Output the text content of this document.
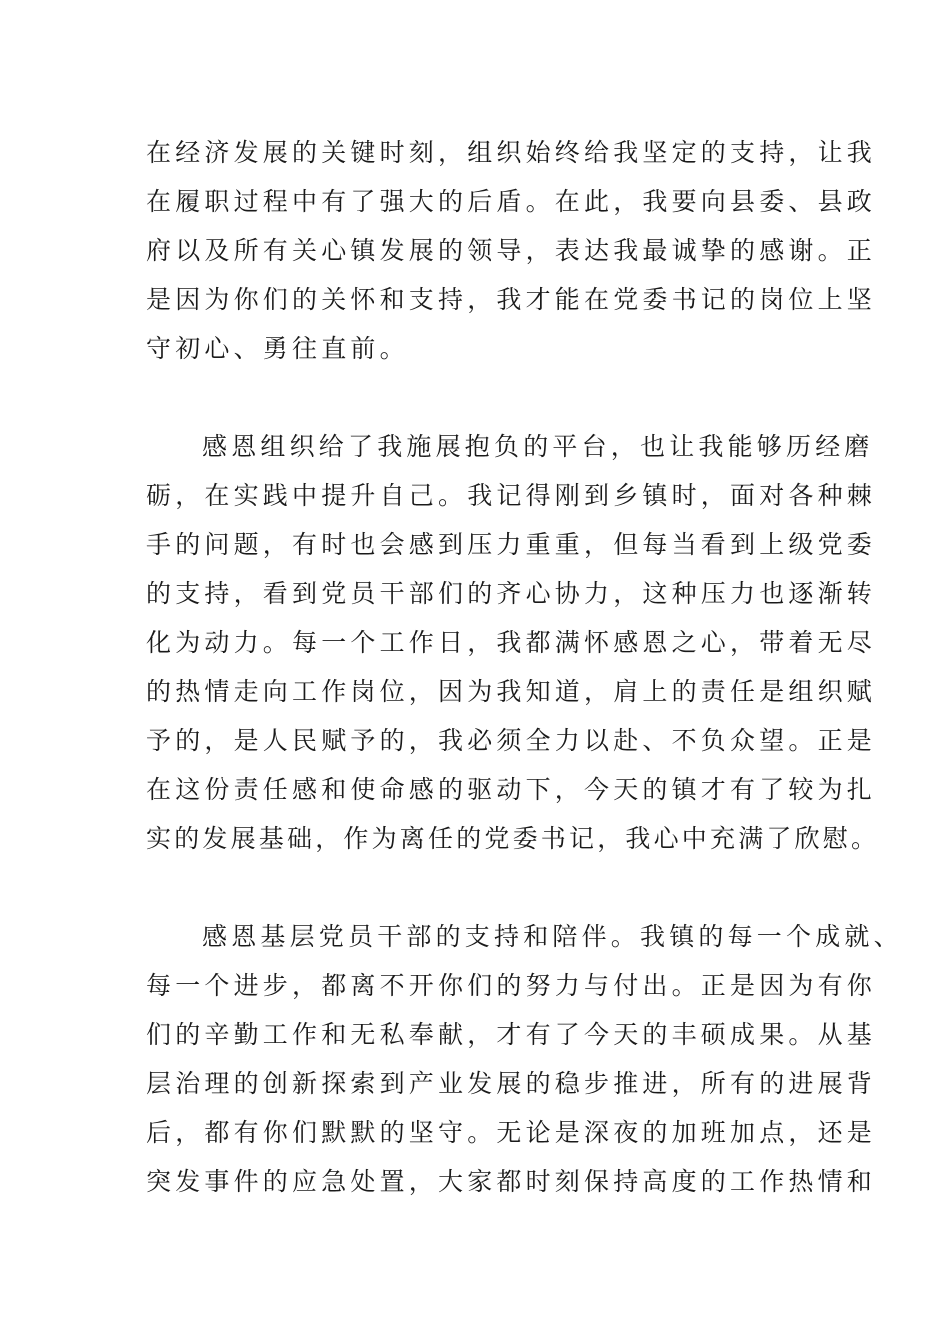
在经济发展的关键时刻，组织始终给我坚定的支持，让我
在履职过程中有了强大的后盾。在此，我要向县委、县政
府以及所有关心镇发展的领导，表达我最诚挚的感谢。正
是因为你们的关怀和支持，我才能在党委书记的岗位上坚
守初心、勇往直前。
感恩组织给了我施展抱负的平台，也让我能够历经磨
砺，在实践中提升自己。我记得刚到乡镇时，面对各种棘
手的问题，有时也会感到压力重重，但每当看到上级党委
的支持，看到党员干部们的齐心协力，这种压力也逐渐转
化为动力。每一个工作日，我都满怀感恩之心，带着无尽
的热情走向工作岗位，因为我知道，肩上的责任是组织赋
予的，是人民赋予的，我必须全力以赴、不负众望。正是
在这份责任感和使命感的驱动下，今天的镇才有了较为扎
实的发展基础，作为离任的党委书记，我心中充满了欣慰。
感恩基层党员干部的支持和陪伴。我镇的每一个成就、
每一个进步，都离不开你们的努力与付出。正是因为有你
们的辛勤工作和无私奉献，才有了今天的丰硕成果。从基
层治理的创新探索到产业发展的稳步推进，所有的进展背
后，都有你们默默的坚守。无论是深夜的加班加点，还是
突发事件的应急处置，大家都时刻保持高度的工作热情和
